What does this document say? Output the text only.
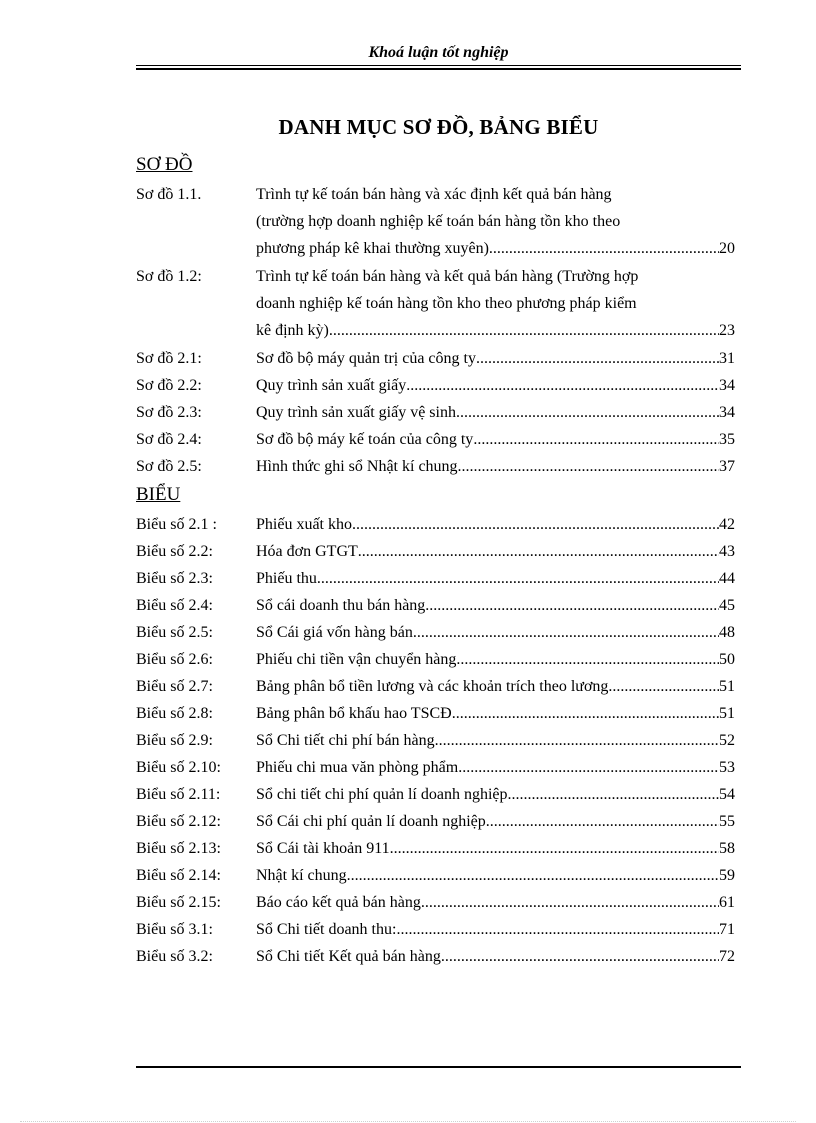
Khoá luận tốt nghiệp
DANH MỤC SƠ ĐỒ, BẢNG BIỂU
SƠ ĐỒ
Sơ đồ 1.1.	Trình tự kế toán bán hàng và xác định kết quả bán hàng
(trường hợp doanh nghiệp kế toán bán hàng tồn kho theo
phương pháp kê khai thường xuyên). .....	20
Sơ đồ 1.2:	Trình tự kế toán bán hàng và kết quả bán hàng (Trường hợp
doanh nghiệp kế toán hàng tồn kho theo phương pháp kiểm
kê định kỳ). .....	23
Sơ đồ 2.1:	Sơ đồ bộ máy quản trị của công ty .....	31
Sơ đồ 2.2:	Quy trình sản xuất giấy .....	34
Sơ đồ 2.3:	Quy trình sản xuất giấy vệ sinh .....	34
Sơ đồ 2.4:	Sơ đồ bộ máy kế toán của công ty .....	35
Sơ đồ 2.5:	Hình thức ghi sổ Nhật kí chung .....	37
BIỂU
Biểu số 2.1 : Phiếu xuất kho. .....	42
Biểu số 2.2:	Hóa đơn GTGT .....	43
Biểu số 2.3:	Phiếu thu .....	44
Biểu số 2.4:	Sổ cái doanh thu bán hàng .....	45
Biểu số 2.5:	Sổ Cái giá vốn hàng bán .....	48
Biểu số 2.6:	Phiếu chi tiền vận chuyển hàng .....	50
Biểu số 2.7:	Bảng phân bổ tiền lương và các khoản trích theo lương. .....	51
Biểu số 2.8:	Bảng phân bổ khấu hao TSCĐ .....	51
Biểu số 2.9:	Sổ Chi tiết chi phí bán hàng. .....	52
Biểu số 2.10: Phiếu chi mua văn phòng phẩm .....	53
Biểu số 2.11: Sổ chi tiết chi phí quản lí doanh nghiệp .....	54
Biểu số 2.12: Sổ Cái chi phí quản lí doanh nghiệp .....	55
Biểu số 2.13: Sổ Cái tài khoản 911 .....	58
Biểu số 2.14: Nhật kí chung. .....	59
Biểu số 2.15: Báo cáo kết quả bán hàng. .....	61
Biểu số 3.1:	Sổ Chi tiết doanh thu: .....	71
Biểu số 3.2:	Sổ Chi tiết Kết quả bán hàng. .....	72
